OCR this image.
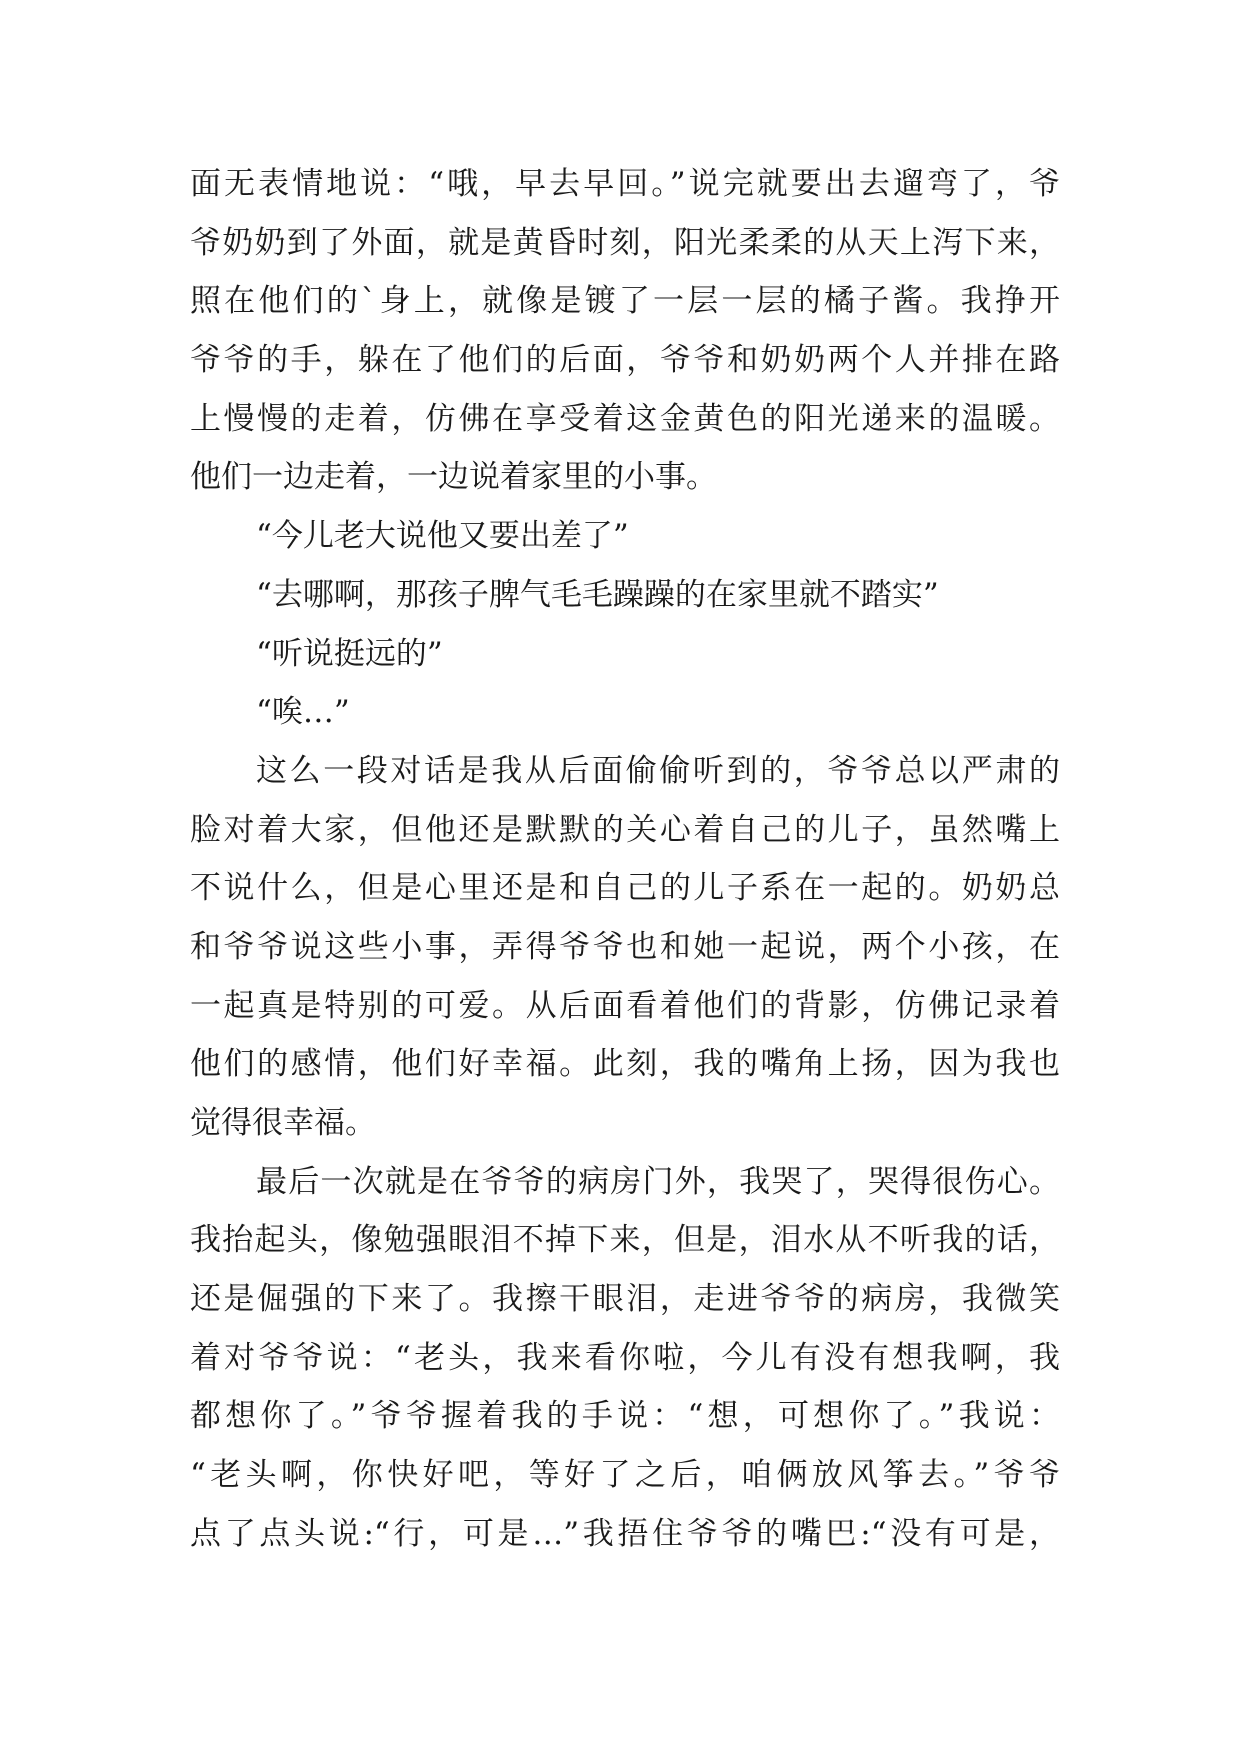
面无表情地说：“哦，早去早回。”说完就要出去遛弯了，爷
爷奶奶到了外面，就是黄昏时刻，阳光柔柔的从天上泻下来，
照在他们的`身上，就像是镀了一层一层的橘子酱。我挣开
爷爷的手，躲在了他们的后面，爷爷和奶奶两个人并排在路
上慢慢的走着，仿佛在享受着这金黄色的阳光递来的温暖。
他们一边走着，一边说着家里的小事。
“今儿老大说他又要出差了”
“去哪啊，那孩子脾气毛毛躁躁的在家里就不踏实”
“听说挺远的”
“唉…”
这么一段对话是我从后面偷偷听到的，爷爷总以严肃的
脸对着大家，但他还是默默的关心着自己的儿子，虽然嘴上
不说什么，但是心里还是和自己的儿子系在一起的。奶奶总
和爷爷说这些小事，弄得爷爷也和她一起说，两个小孩，在
一起真是特别的可爱。从后面看着他们的背影，仿佛记录着
他们的感情，他们好幸福。此刻，我的嘴角上扬，因为我也
觉得很幸福。
最后一次就是在爷爷的病房门外，我哭了，哭得很伤心。
我抬起头，像勉强眼泪不掉下来，但是，泪水从不听我的话，
还是倔强的下来了。我擦干眼泪，走进爷爷的病房，我微笑
着对爷爷说：“老头，我来看你啦，今儿有没有想我啊，我
都想你了。”爷爷握着我的手说：“想，可想你了。”我说：
“老头啊，你快好吧，等好了之后，咱俩放风筝去。”爷爷
点了点头说:“行，可是…”我捂住爷爷的嘴巴:“没有可是，
